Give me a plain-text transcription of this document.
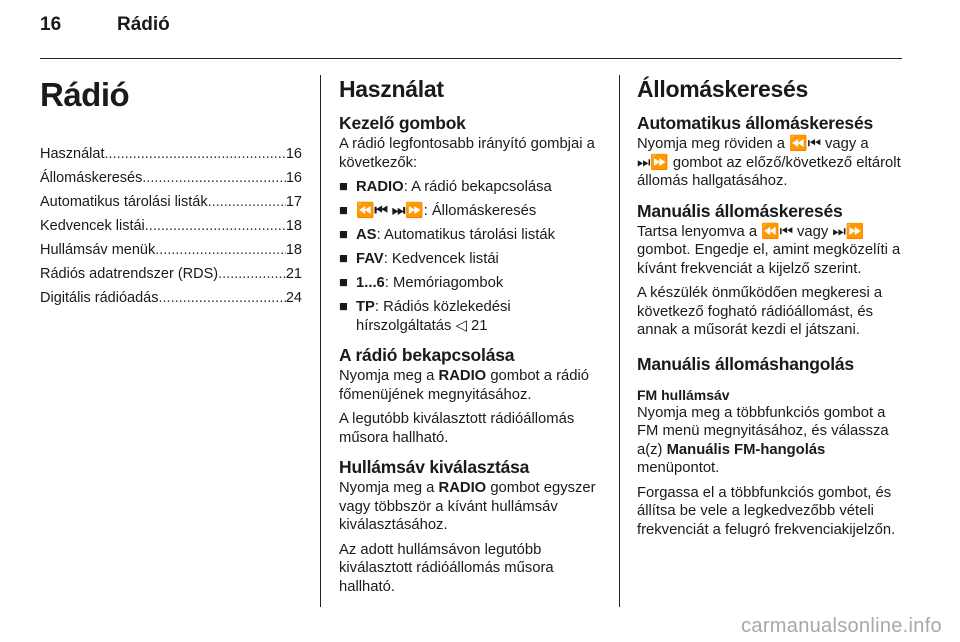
16	Rádió
Rádió
Használat .....	16
Állomáskeresés .....	16
Automatikus tárolási listák .....	17
Kedvencek listái .....	18
Hullámsáv menük .....	18
Rádiós adatrendszer (RDS) .....	21
Digitális rádióadás .....	24
Használat
Kezelő gombok

A rádió legfontosabb irányító gombjai a következők:

■ RADIO: A rádió bekapcsolása
■ ⏪⏮ ⏭⏩: Állomáskeresés
■ AS: Automatikus tárolási listák
■ FAV: Kedvencek listái
■ 1...6: Memóriagombok
■ TP: Rádiós közlekedési hírszolgáltatás ◁ 21
A rádió bekapcsolása

Nyomja meg a RADIO gombot a rádió főmenüjének megnyitásához.

A legutóbb kiválasztott rádióállomás műsora hallható.

Hullámsáv kiválasztása

Nyomja meg a RADIO gombot egyszer vagy többször a kívánt hullámsáv kiválasztásához.

Az adott hullámsávon legutóbb kiválasztott rádióállomás műsora hallható.

Állomáskeresés
Automatikus állomáskeresés

Nyomja meg röviden a ⏪⏮ vagy a ⏭⏩ gombot az előző/következő eltárolt állomás hallgatásához.

Manuális állomáskeresés

Tartsa lenyomva a ⏪⏮ vagy ⏭⏩ gombot. Engedje el, amint megközelíti a kívánt frekvenciát a kijelző szerint.

A készülék önműködően megkeresi a következő fogható rádióállomást, és annak a műsorát kezdi el játszani.

Manuális állomáshangolás
FM hullámsáv

Nyomja meg a többfunkciós gombot a FM menü megnyitásához, és válassza a(z) Manuális FM-hangolás menüpontot.

Forgassa el a többfunkciós gombot, és állítsa be vele a legkedvezőbb vételi frekvenciát a felugró frekvenciakijelzőn.

carmanualsonline.info
